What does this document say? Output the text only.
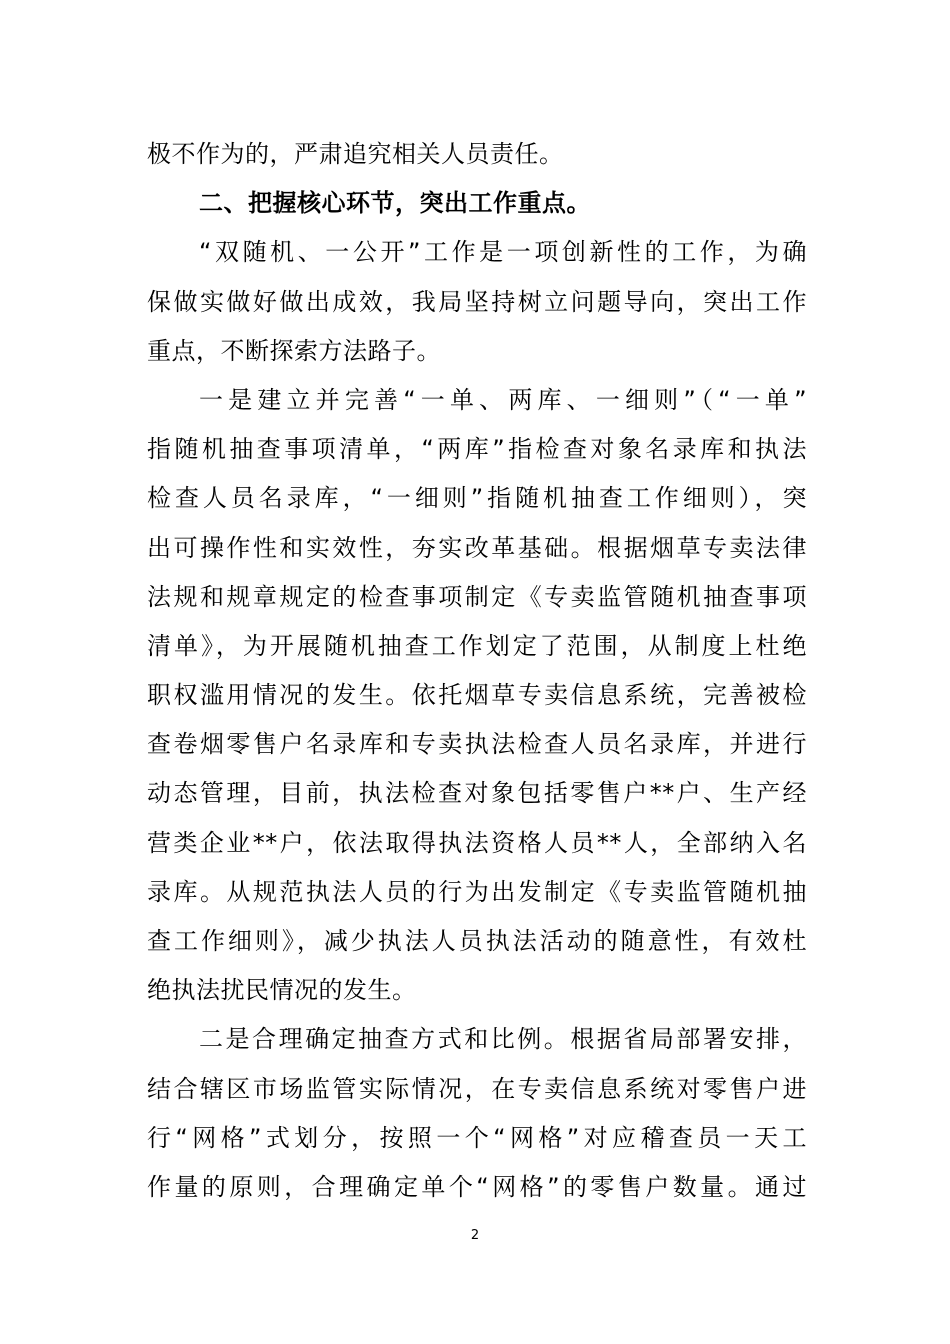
极不作为的，严肃追究相关人员责任。
二、把握核心环节，突出工作重点。
“双随机、一公开”工作是一项创新性的工作，为确
保做实做好做出成效，我局坚持树立问题导向，突出工作
重点，不断探索方法路子。
一是建立并完善“一单、两库、一细则”（“一单”
指随机抽查事项清单，“两库”指检查对象名录库和执法
检查人员名录库，“一细则”指随机抽查工作细则），突
出可操作性和实效性，夯实改革基础。根据烟草专卖法律
法规和规章规定的检查事项制定《专卖监管随机抽查事项
清单》，为开展随机抽查工作划定了范围，从制度上杜绝
职权滥用情况的发生。依托烟草专卖信息系统，完善被检
查卷烟零售户名录库和专卖执法检查人员名录库，并进行
动态管理，目前，执法检查对象包括零售户**户、生产经
营类企业**户，依法取得执法资格人员**人，全部纳入名
录库。从规范执法人员的行为出发制定《专卖监管随机抽
查工作细则》，减少执法人员执法活动的随意性，有效杜
绝执法扰民情况的发生。
二是合理确定抽查方式和比例。根据省局部署安排，
结合辖区市场监管实际情况，在专卖信息系统对零售户进
行“网格”式划分，按照一个“网格”对应稽查员一天工
作量的原则，合理确定单个“网格”的零售户数量。通过
2
